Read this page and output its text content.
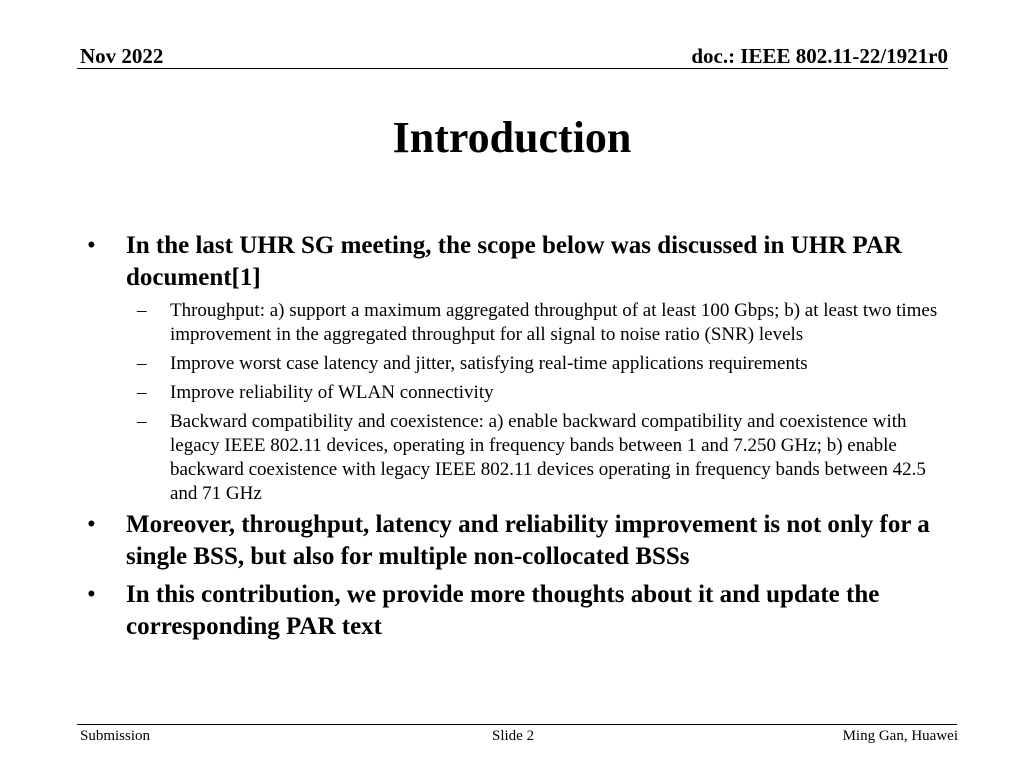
Nov 2022	doc.: IEEE 802.11-22/1921r0
Introduction
• In the last UHR SG meeting, the scope below was discussed in UHR PAR document[1]
– Throughput: a) support a maximum aggregated throughput of at least 100 Gbps; b) at least two times improvement in the aggregated throughput for all signal to noise ratio (SNR) levels
– Improve worst case latency and jitter, satisfying real-time applications requirements
– Improve reliability of WLAN connectivity
– Backward compatibility and coexistence: a) enable backward compatibility and coexistence with legacy IEEE 802.11 devices, operating in frequency bands between 1 and 7.250 GHz; b) enable backward coexistence with legacy IEEE 802.11 devices operating in frequency bands between 42.5 and 71 GHz
• Moreover, throughput, latency and reliability improvement is not only for a single BSS, but also for multiple non-collocated BSSs
• In this contribution, we provide more thoughts about it and update the corresponding PAR text
Submission	Slide 2	Ming Gan, Huawei
